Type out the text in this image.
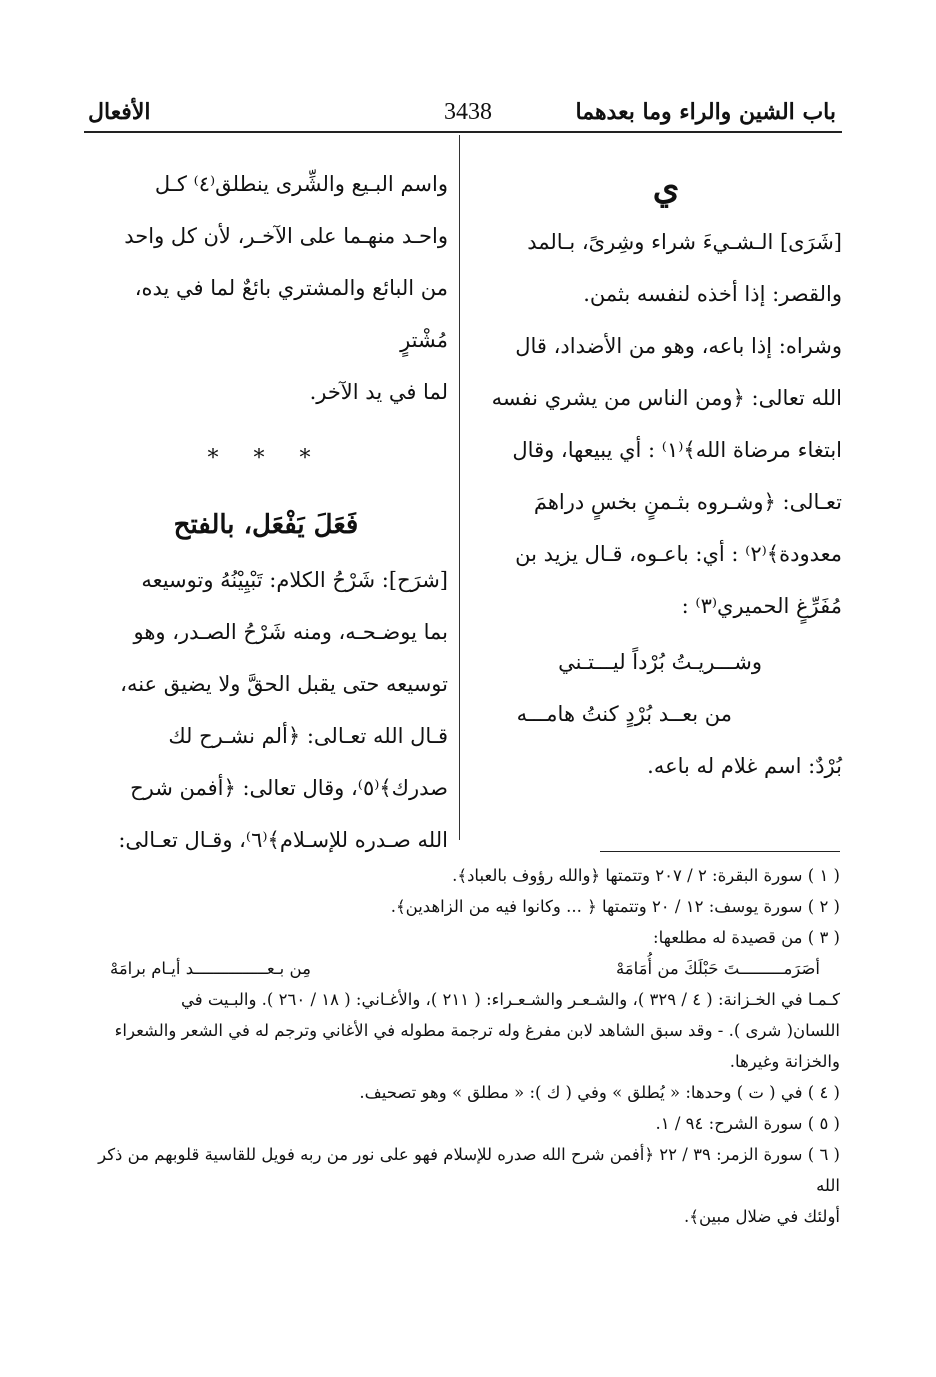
باب الشين والراء وما بعدهما
3438
الأفعال
ي

[شَرَى] الـشـيءَ شراء وشِرىً، بـالمد

والقصر: إذا أخذه لنفسه بثمن.

وشراه: إذا باعه، وهو من الأضداد، قال

الله تعالى: ﴿ومن الناس من يشري نفسه

ابتغاء مرضاة الله﴾⁽١⁾ : أي يبيعها، وقال

تعـالى: ﴿وشـروه بثـمنٍ بخسٍ دراهمَ

معدودة﴾⁽٢⁾ : أي: باعـوه، قـال يزيد بن

مُفَرِّغٍ الحميري⁽٣⁾ :

وشـــريـتُ بُرْداً ليـــتـني

من بعــد بُرْدٍ كنتُ هامـــه

بُرْدٌ: اسم غلام له باعه.

واسم البـيع والشِّرى ينطلق⁽٤⁾ كـل

واحـد منهـما على الآخـر، لأن كل واحد

من البائع والمشتري بائعٌ لما في يده، مُشْترٍ

لما في يد الآخر.

* * *
فَعَلَ يَفْعَل، بالفتح

[شرَح]: شَرْحُ الكلام: تَبْيِيْنُهُ وتوسيعه

بما يوضـحـه، ومنه شَرْحُ الصـدر، وهو

توسيعه حتى يقبل الحقَّ ولا يضيق عنه،

قـال الله تعـالى: ﴿ألم نشـرح لك

صدرك﴾⁽٥⁾، وقال تعالى: ﴿أفمن شرح

الله صـدره للإسـلام﴾⁽٦⁾، وقـال تعـالى:

( ١ ) سورة البقرة: ٢ / ٢٠٧ وتتمتها ﴿والله رؤوف بالعباد﴾.
( ٢ ) سورة يوسف: ١٢ / ٢٠ وتتمتها ﴿ ... وكانوا فيه من الزاهدين﴾.
( ٣ ) من قصيدة له مطلعها:
أصَرَمـــــــــتَ حَبْلَكَ من أُمَامَهْ
مِن بـعـــــــــــــــد أيـام برامَهْ
كـمـا في الخـزانة: ( ٤ / ٣٢٩ )، والشـعـر والشـعـراء: ( ٢١١ )، والأغـاني: ( ١٨ / ٢٦٠ ). والبـيت في
اللسان( شرى ). - وقد سبق الشاهد لابن مفرغ وله ترجمة مطوله في الأغاني وترجم له في الشعر والشعراء
والخزانة وغيرها.
( ٤ ) في ( ت ) وحدها: « يُطلق » وفي ( ك ): « مطلق » وهو تصحيف.
( ٥ ) سورة الشرح: ٩٤ / ١.
( ٦ ) سورة الزمر: ٣٩ / ٢٢ ﴿أفمن شرح الله صدره للإسلام فهو على نور من ربه فويل للقاسية قلوبهم من ذكر الله
أولئك في ضلال مبين﴾.
